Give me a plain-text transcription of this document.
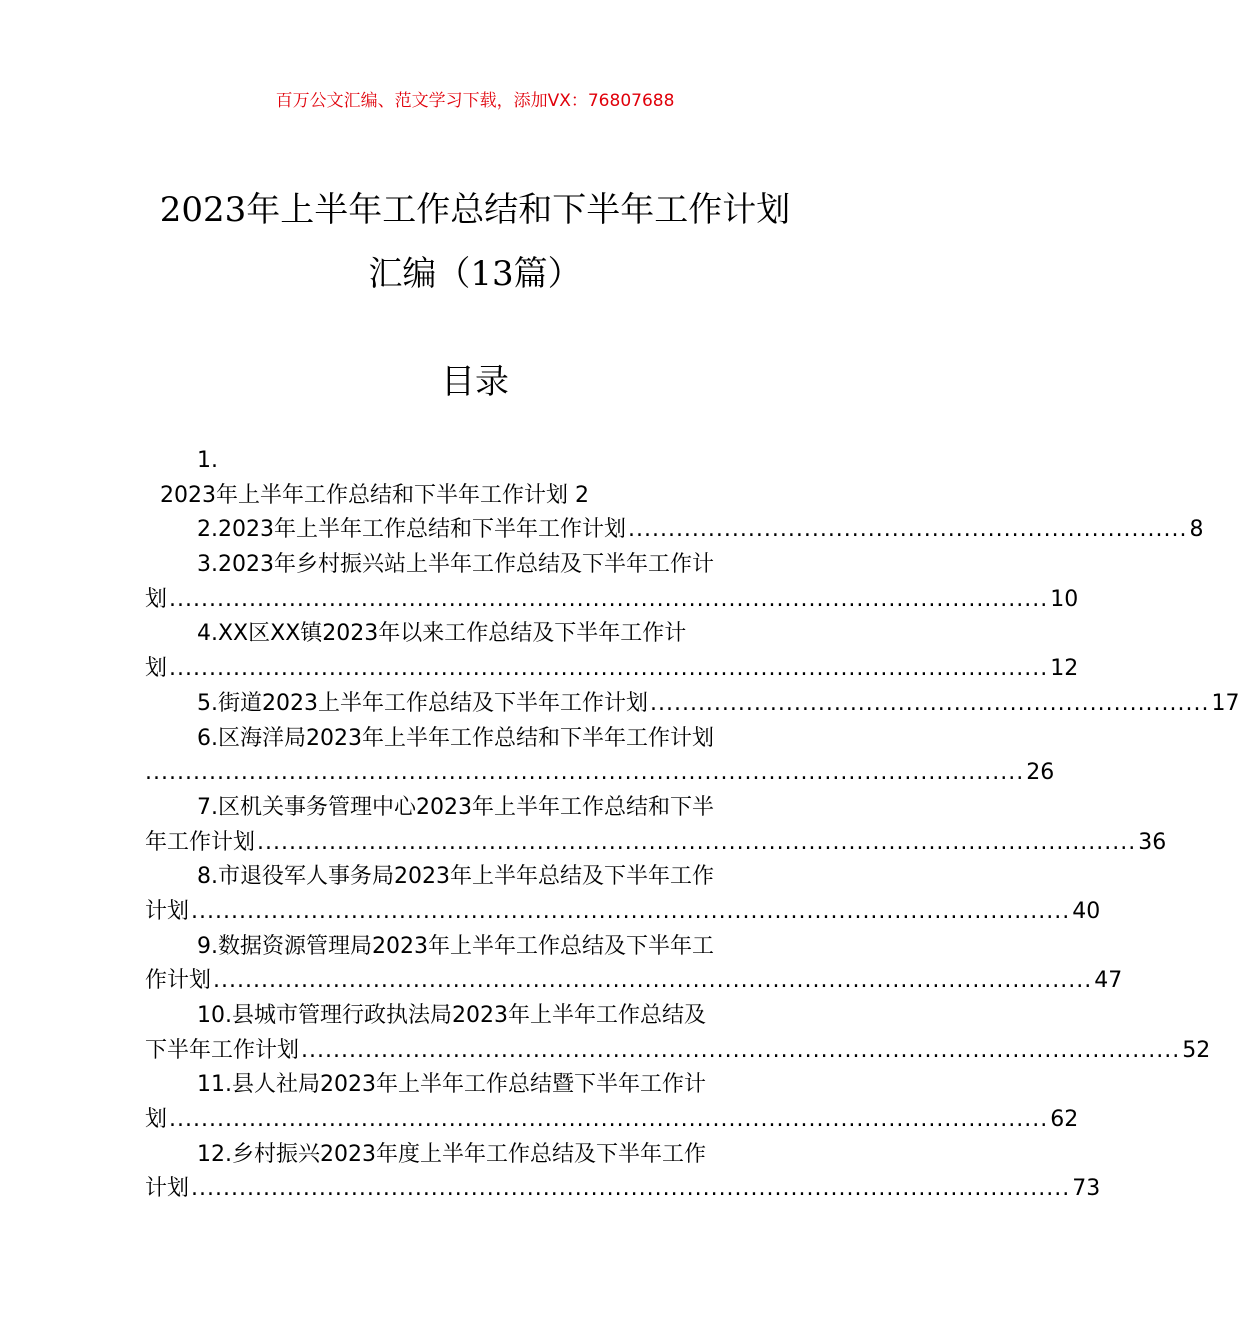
百万公文汇编、范文学习下载，添加VX：76807688
2023年上半年工作总结和下半年工作计划
汇编（13篇）
目录
1.
2023年上半年工作总结和下半年工作计划 2
2.2023年上半年工作总结和下半年工作计划 ...................................................................... 8
3.2023年乡村振兴站上半年工作总结及下半年工作计
划 .............................................................................................................. 10
4.XX区XX镇2023年以来工作总结及下半年工作计
划 .............................................................................................................. 12
5.街道2023上半年工作总结及下半年工作计划 ...................................................................... 17
6.区海洋局2023年上半年工作总结和下半年工作计划
.............................................................................................................. 26
7.区机关事务管理中心2023年上半年工作总结和下半
年工作计划 .............................................................................................................. 36
8.市退役军人事务局2023年上半年总结及下半年工作
计划 .............................................................................................................. 40
9.数据资源管理局2023年上半年工作总结及下半年工
作计划 .............................................................................................................. 47
10.县城市管理行政执法局2023年上半年工作总结及
下半年工作计划 .............................................................................................................. 52
11.县人社局2023年上半年工作总结暨下半年工作计
划 .............................................................................................................. 62
12.乡村振兴2023年度上半年工作总结及下半年工作
计划 .............................................................................................................. 73
